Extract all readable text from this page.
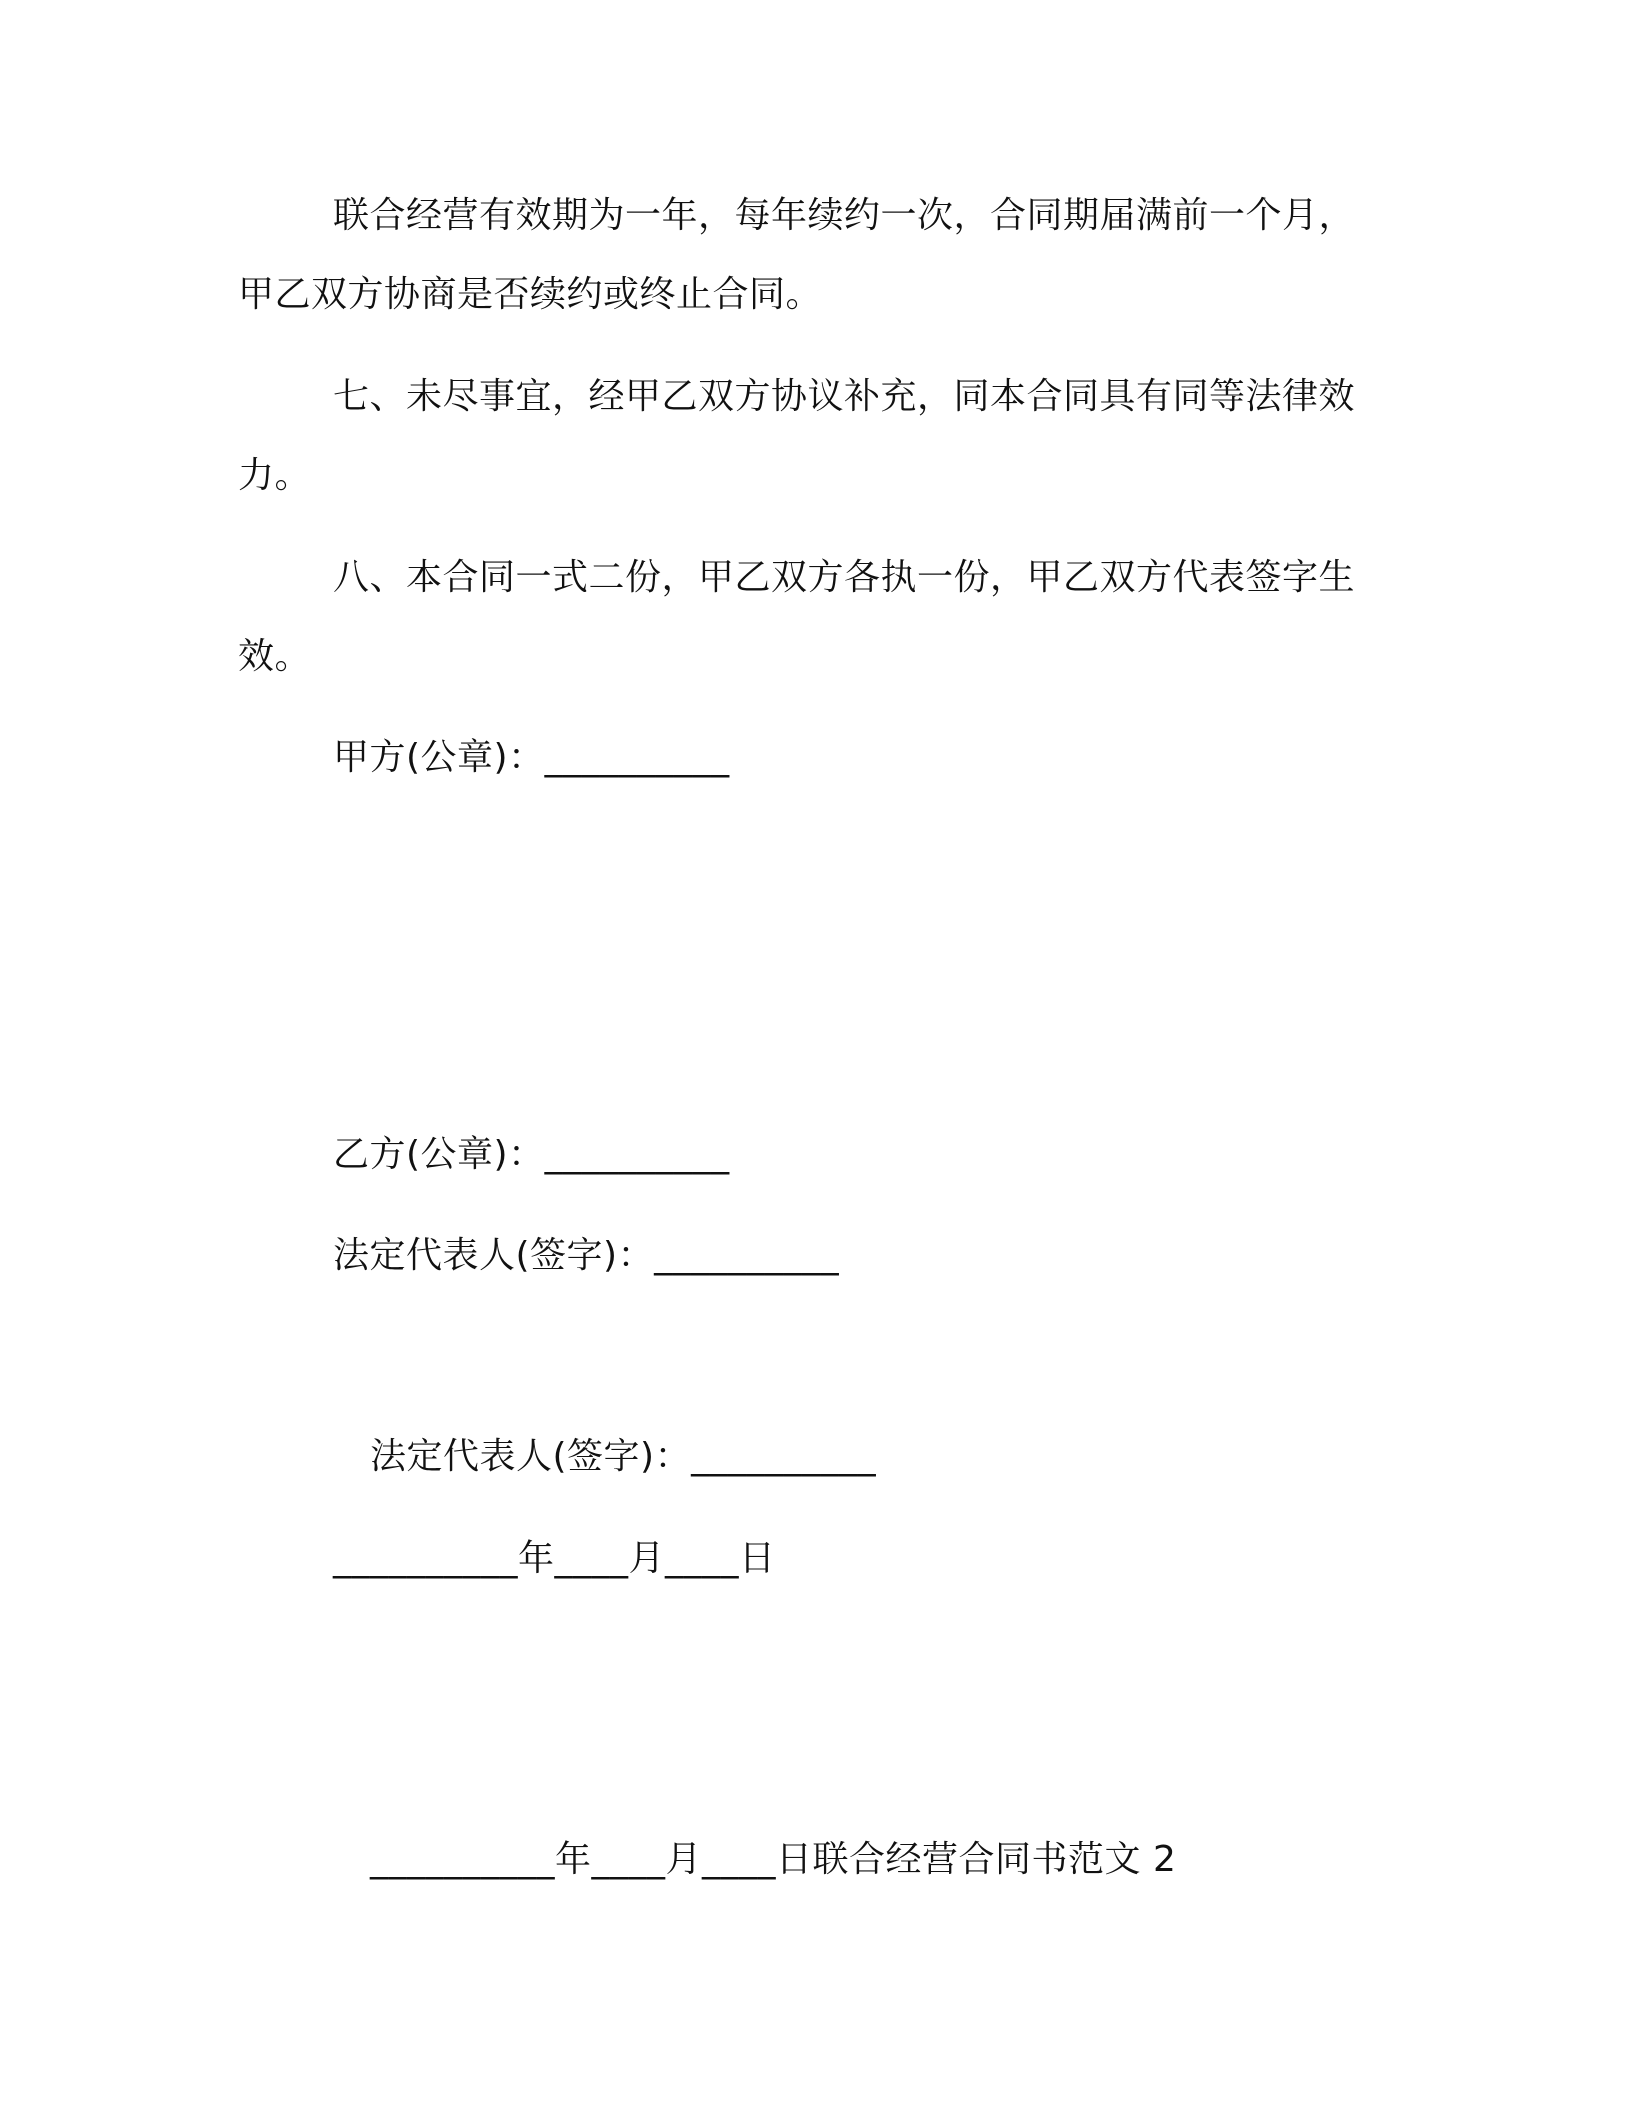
联合经营有效期为一年，每年续约一次，合同期届满前一个月，
甲乙双方协商是否续约或终止合同。
七、未尽事宜，经甲乙双方协议补充，同本合同具有同等法律效
力。
八、本合同一式二份，甲乙双方各执一份，甲乙双方代表签字生
效。
甲方(公章)：__________
乙方(公章)：__________
法定代表人(签字)：__________
法定代表人(签字)：__________
__________年____月____日
__________年____月____日联合经营合同书范文 2
